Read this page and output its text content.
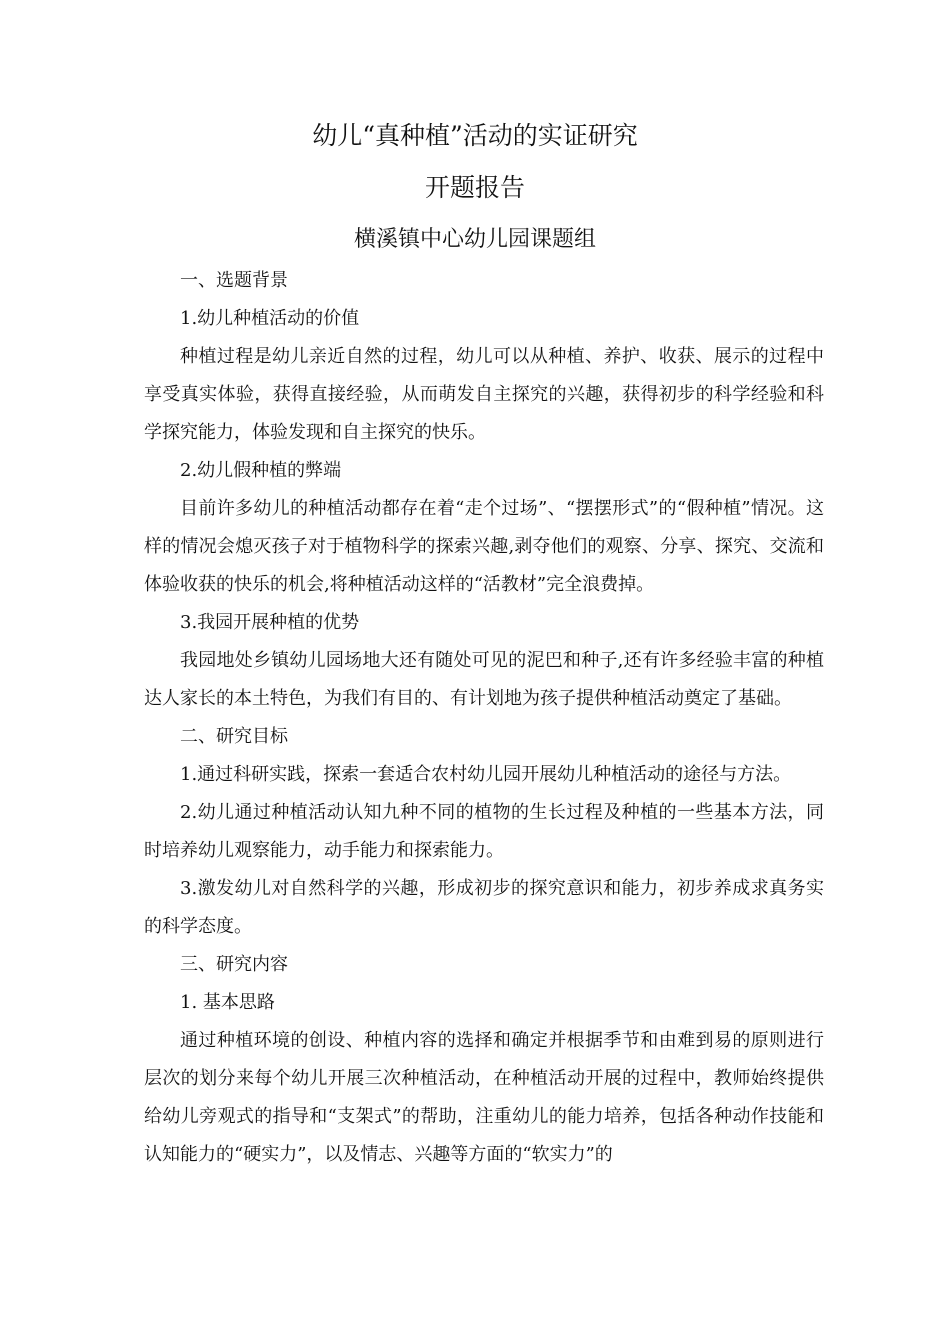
幼儿“真种植”活动的实证研究
开题报告
横溪镇中心幼儿园课题组

一、选题背景

1.幼儿种植活动的价值

种植过程是幼儿亲近自然的过程，幼儿可以从种植、养护、收获、展示的过程中享受真实体验，获得直接经验，从而萌发自主探究的兴趣，获得初步的科学经验和科学探究能力，体验发现和自主探究的快乐。

2.幼儿假种植的弊端

目前许多幼儿的种植活动都存在着“走个过场”、“摆摆形式”的“假种植”情况。这样的情况会熄灭孩子对于植物科学的探索兴趣,剥夺他们的观察、分享、探究、交流和体验收获的快乐的机会,将种植活动这样的“活教材”完全浪费掉。

3.我园开展种植的优势

我园地处乡镇幼儿园场地大还有随处可见的泥巴和种子,还有许多经验丰富的种植达人家长的本土特色，为我们有目的、有计划地为孩子提供种植活动奠定了基础。

二、研究目标

1.通过科研实践，探索一套适合农村幼儿园开展幼儿种植活动的途径与方法。

2.幼儿通过种植活动认知九种不同的植物的生长过程及种植的一些基本方法，同时培养幼儿观察能力，动手能力和探索能力。

3.激发幼儿对自然科学的兴趣，形成初步的探究意识和能力，初步养成求真务实的科学态度。

三、研究内容

1. 基本思路

通过种植环境的创设、种植内容的选择和确定并根据季节和由难到易的原则进行层次的划分来每个幼儿开展三次种植活动，在种植活动开展的过程中，教师始终提供给幼儿旁观式的指导和“支架式”的帮助，注重幼儿的能力培养，包括各种动作技能和认知能力的“硬实力”，以及情志、兴趣等方面的“软实力”的
